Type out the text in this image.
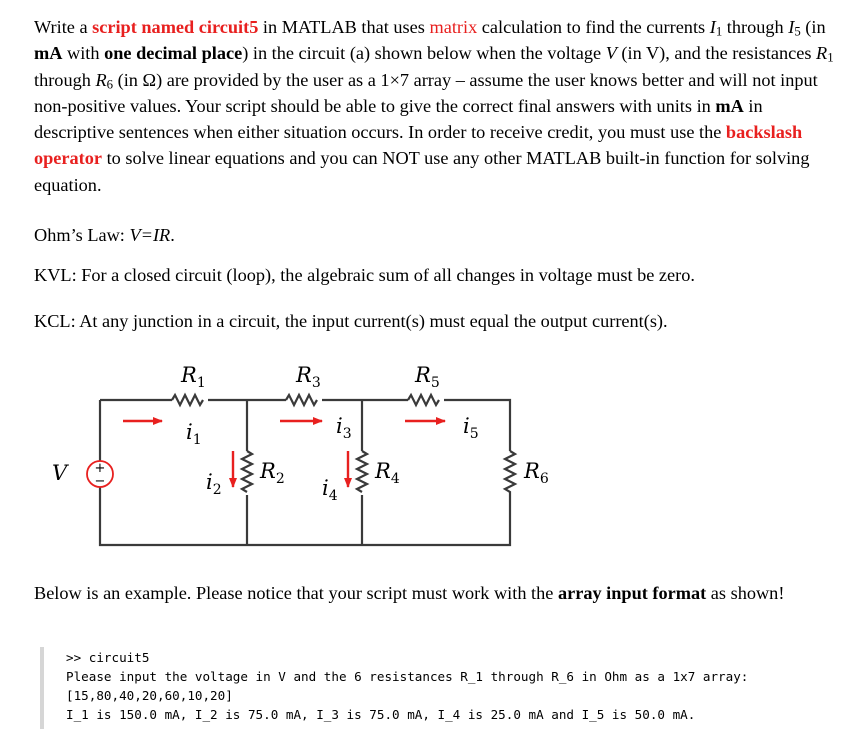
Write a script named circuit5 in MATLAB that uses matrix calculation to find the currents $I_1$ through $I_5$ (in mA with one decimal place) in the circuit (a) shown below when the voltage V (in V), and the resistances $R_1$ through $R_6$ (in Ω) are provided by the user as a 1×7 array – assume the user knows better and will not input non-positive values. Your script should be able to give the correct final answers with units in mA in descriptive sentences when either situation occurs. In order to receive credit, you must use the backslash operator to solve linear equations and you can NOT use any other MATLAB built-in function for solving equation.

Ohm’s Law: V=IR.

KVL: For a closed circuit (loop), the algebraic sum of all changes in voltage must be zero.

KCL: At any junction in a circuit, the input current(s) must equal the output current(s).

+
−
V
$R_1$	$R_3$	$R_5$
$R_2$	$R_4$	$R_6$
$i_1$
$i_3$	$i_5$
$i_2$	$i_4$

Below is an example. Please notice that your script must work with the array input format as shown!

>> circuit5
Please input the voltage in V and the 6 resistances R_1 through R_6 in Ohm as a 1x7 array:
[15,80,40,20,60,10,20]
I_1 is 150.0 mA, I_2 is 75.0 mA, I_3 is 75.0 mA, I_4 is 25.0 mA and I_5 is 50.0 mA.
